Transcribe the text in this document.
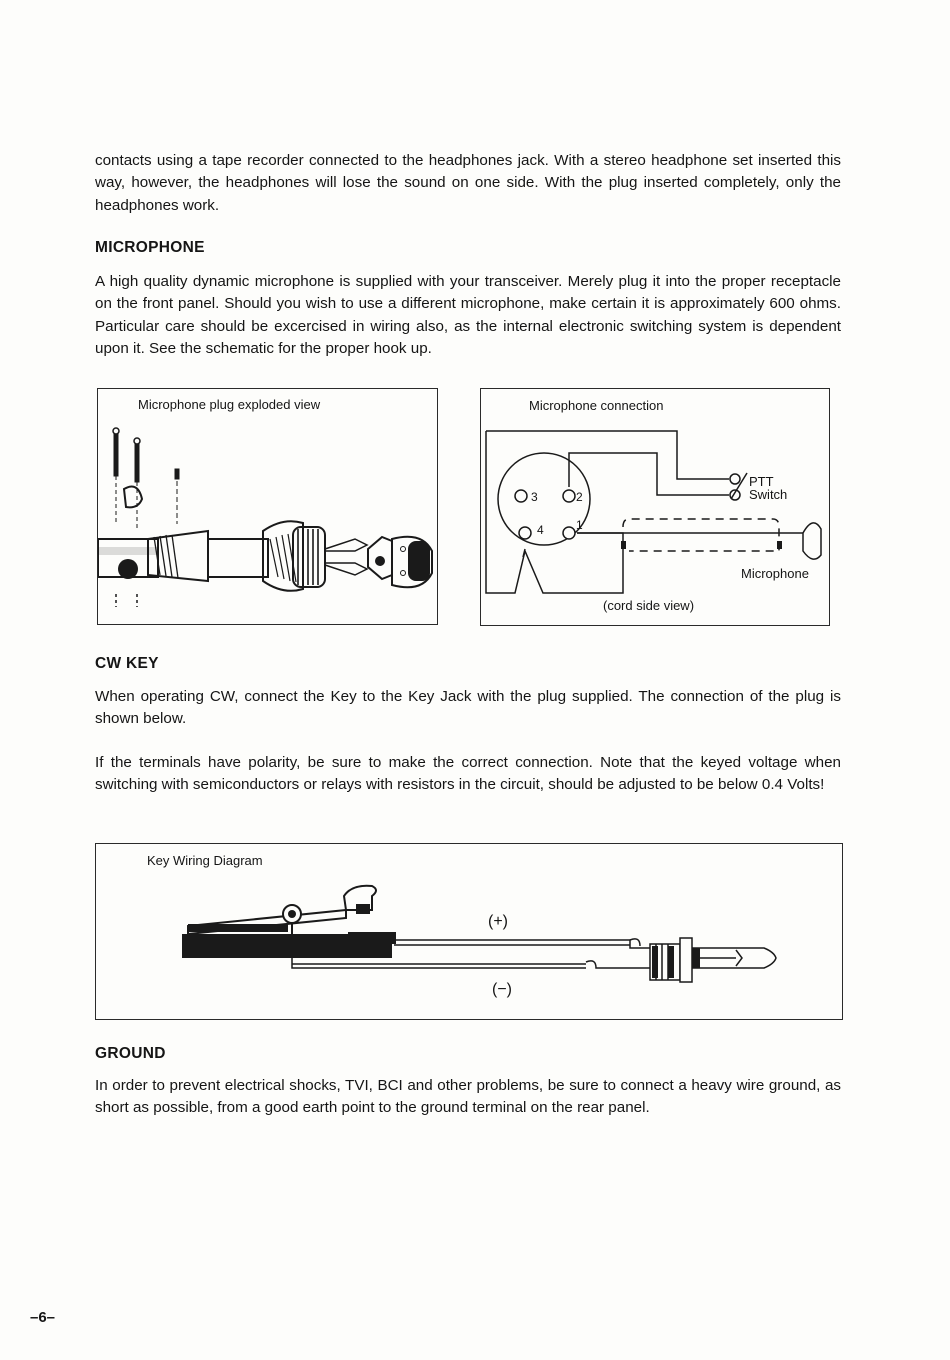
contacts using a tape recorder connected to the headphones jack. With a stereo headphone set inserted this way, however, the headphones will lose the sound on one side. With the plug inserted completely, only the headphones work.

MICROPHONE

A high quality dynamic microphone is supplied with your transceiver. Merely plug it into the proper receptacle on the front panel. Should you wish to use a different microphone, make certain it is approximately 600 ohms. Particular care should be excercised in wiring also, as the internal electronic switching system is dependent upon it. See the schematic for the proper hook up.

Microphone plug exploded view	Microphone connection
3	2
4	1
PTT
Switch
Microphone
(cord side view)
CW KEY

When operating CW, connect the Key to the Key Jack with the plug supplied. The connection of the plug is shown below.

If the terminals have polarity, be sure to make the correct connection. Note that the keyed voltage when switching with semiconductors or relays with resistors in the circuit, should be adjusted to be below 0.4 Volts!

Key Wiring Diagram
(+)
(−)
GROUND

In order to prevent electrical shocks, TVI, BCI and other problems, be sure to connect a heavy wire ground, as short as possible, from a good earth point to the ground terminal on the rear panel.

–6–
